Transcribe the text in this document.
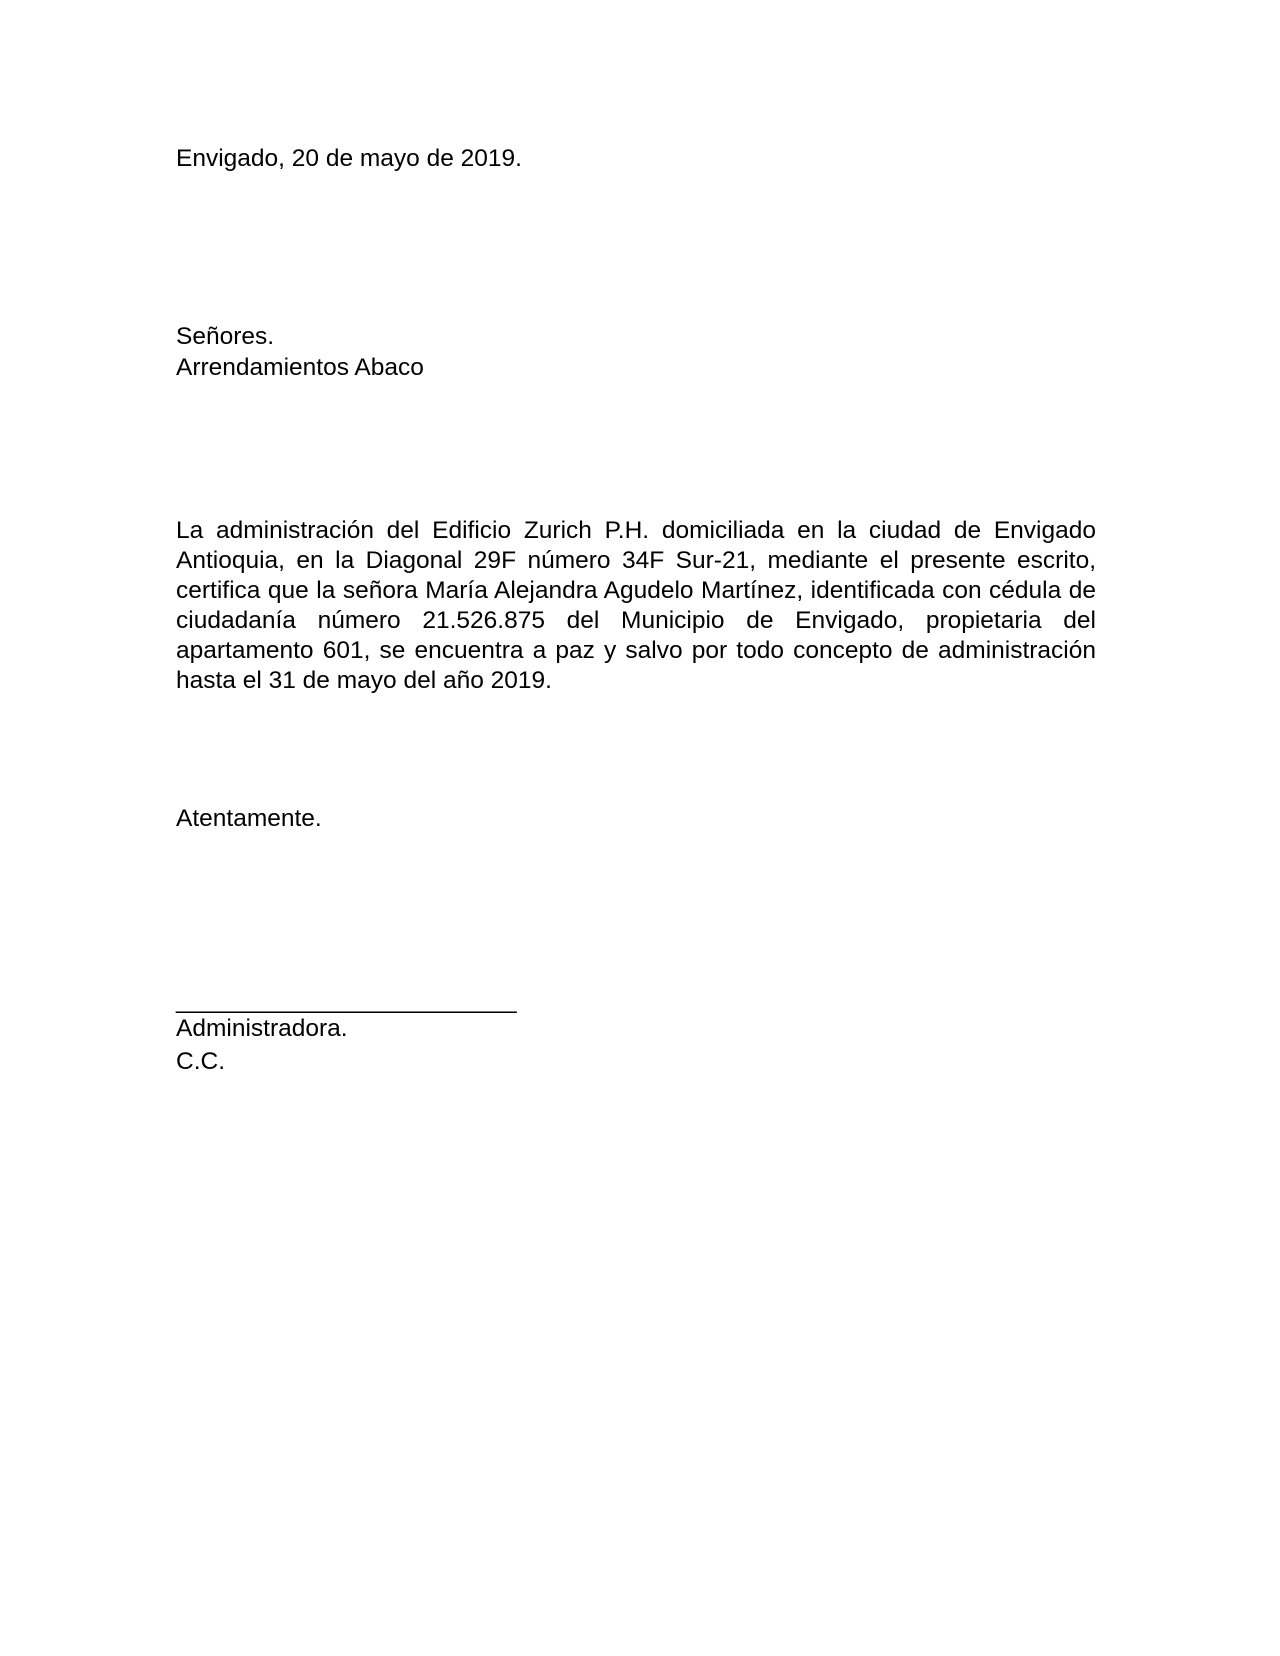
Envigado, 20 de mayo de 2019.
Señores.
Arrendamientos Abaco
La administración del Edificio Zurich P.H. domiciliada en la ciudad de Envigado Antioquia, en la Diagonal 29F número 34F Sur-21, mediante el presente escrito, certifica que la señora María Alejandra Agudelo Martínez, identificada con cédula de ciudadanía número 21.526.875 del Municipio de Envigado, propietaria del apartamento 601, se encuentra a paz y salvo por todo concepto de administración hasta el 31 de mayo del año 2019.
Atentamente.
_________________________
Administradora.
C.C.
